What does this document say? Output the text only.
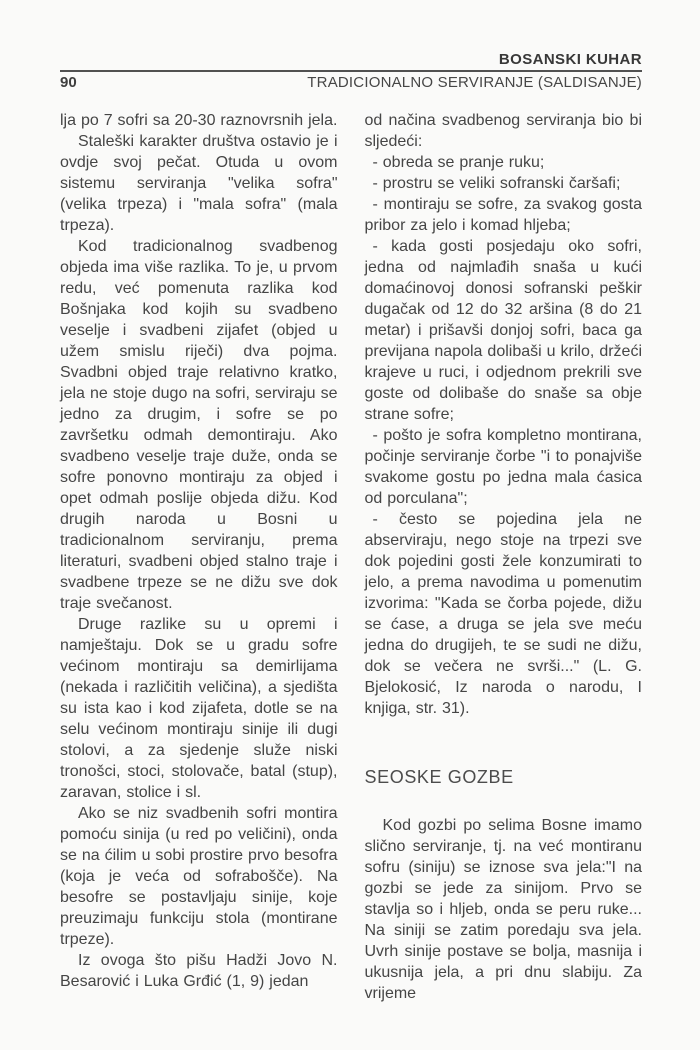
BOSANSKI KUHAR
90	TRADICIONALNO SERVIRANJE (SALDISANJE)

lja po 7 sofri sa 20-30 raznovrsnih jela.

Staleški karakter društva ostavio je i ovdje svoj pečat. Otuda u ovom sistemu serviranja "velika sofra" (velika trpeza) i "mala sofra" (mala trpeza).

Kod tradicionalnog svadbenog objeda ima više razlika. To je, u prvom redu, već pomenuta razlika kod Bošnjaka kod kojih su svadbeno veselje i svadbeni zijafet (objed u užem smislu riječi) dva pojma. Svadbni objed traje relativno kratko, jela ne stoje dugo na sofri, serviraju se jedno za drugim, i sofre se po završetku odmah demontiraju. Ako svadbeno veselje traje duže, onda se sofre ponovno montiraju za objed i opet odmah poslije objeda dižu. Kod drugih naroda u Bosni u tradicionalnom serviranju, prema literaturi, svadbeni objed stalno traje i svadbene trpeze se ne dižu sve dok traje svečanost.

Druge razlike su u opremi i namještaju. Dok se u gradu sofre većinom montiraju sa demirlijama (nekada i različitih veličina), a sjedišta su ista kao i kod zijafeta, dotle se na selu većinom montiraju sinije ili dugi stolovi, a za sjedenje služe niski tronošci, stoci, stolovače, batal (stup), zaravan, stolice i sl.

Ako se niz svadbenih sofri montira pomoću sinija (u red po veličini), onda se na ćilim u sobi prostire prvo besofra (koja je veća od sofrabošče). Na besofre se postavljaju sinije, koje preuzimaju funkciju stola (montirane trpeze).

Iz ovoga što pišu Hadži Jovo N. Besarović i Luka Grđić (1, 9) jedan

od načina svadbenog serviranja bio bi sljedeći:

- obreda se pranje ruku;

- prostru se veliki sofranski čaršafi;

- montiraju se sofre, za svakog gosta pribor za jelo i komad hljeba;

- kada gosti posjedaju oko sofri, jedna od najmlađih snaša u kući domaćinovoj donosi sofranski peškir dugačak od 12 do 32 aršina (8 do 21 metar) i prišavši donjoj sofri, baca ga previjana napola dolibaši u krilo, držeći krajeve u ruci, i odjednom prekrili sve goste od dolibaše do snaše sa obje strane sofre;

- pošto je sofra kompletno montirana, počinje serviranje čorbe "i to ponajviše svakome gostu po jedna mala ćasica od porculana";

- često se pojedina jela ne abserviraju, nego stoje na trpezi sve dok pojedini gosti žele konzumirati to jelo, a prema navodima u pomenutim izvorima: "Kada se čorba pojede, dižu se ćase, a druga se jela sve meću jedna do drugijeh, te se sudi ne dižu, dok se večera ne svrši..." (L. G. Bjelokosić, Iz naroda o narodu, I knjiga, str. 31).

SEOSKE GOZBE

Kod gozbi po selima Bosne imamo slično serviranje, tj. na već montiranu sofru (siniju) se iznose sva jela:"I na gozbi se jede za sinijom. Prvo se stavlja so i hljeb, onda se peru ruke... Na siniji se zatim poredaju sva jela. Uvrh sinije postave se bolja, masnija i ukusnija jela, a pri dnu slabiju. Za vrijeme
